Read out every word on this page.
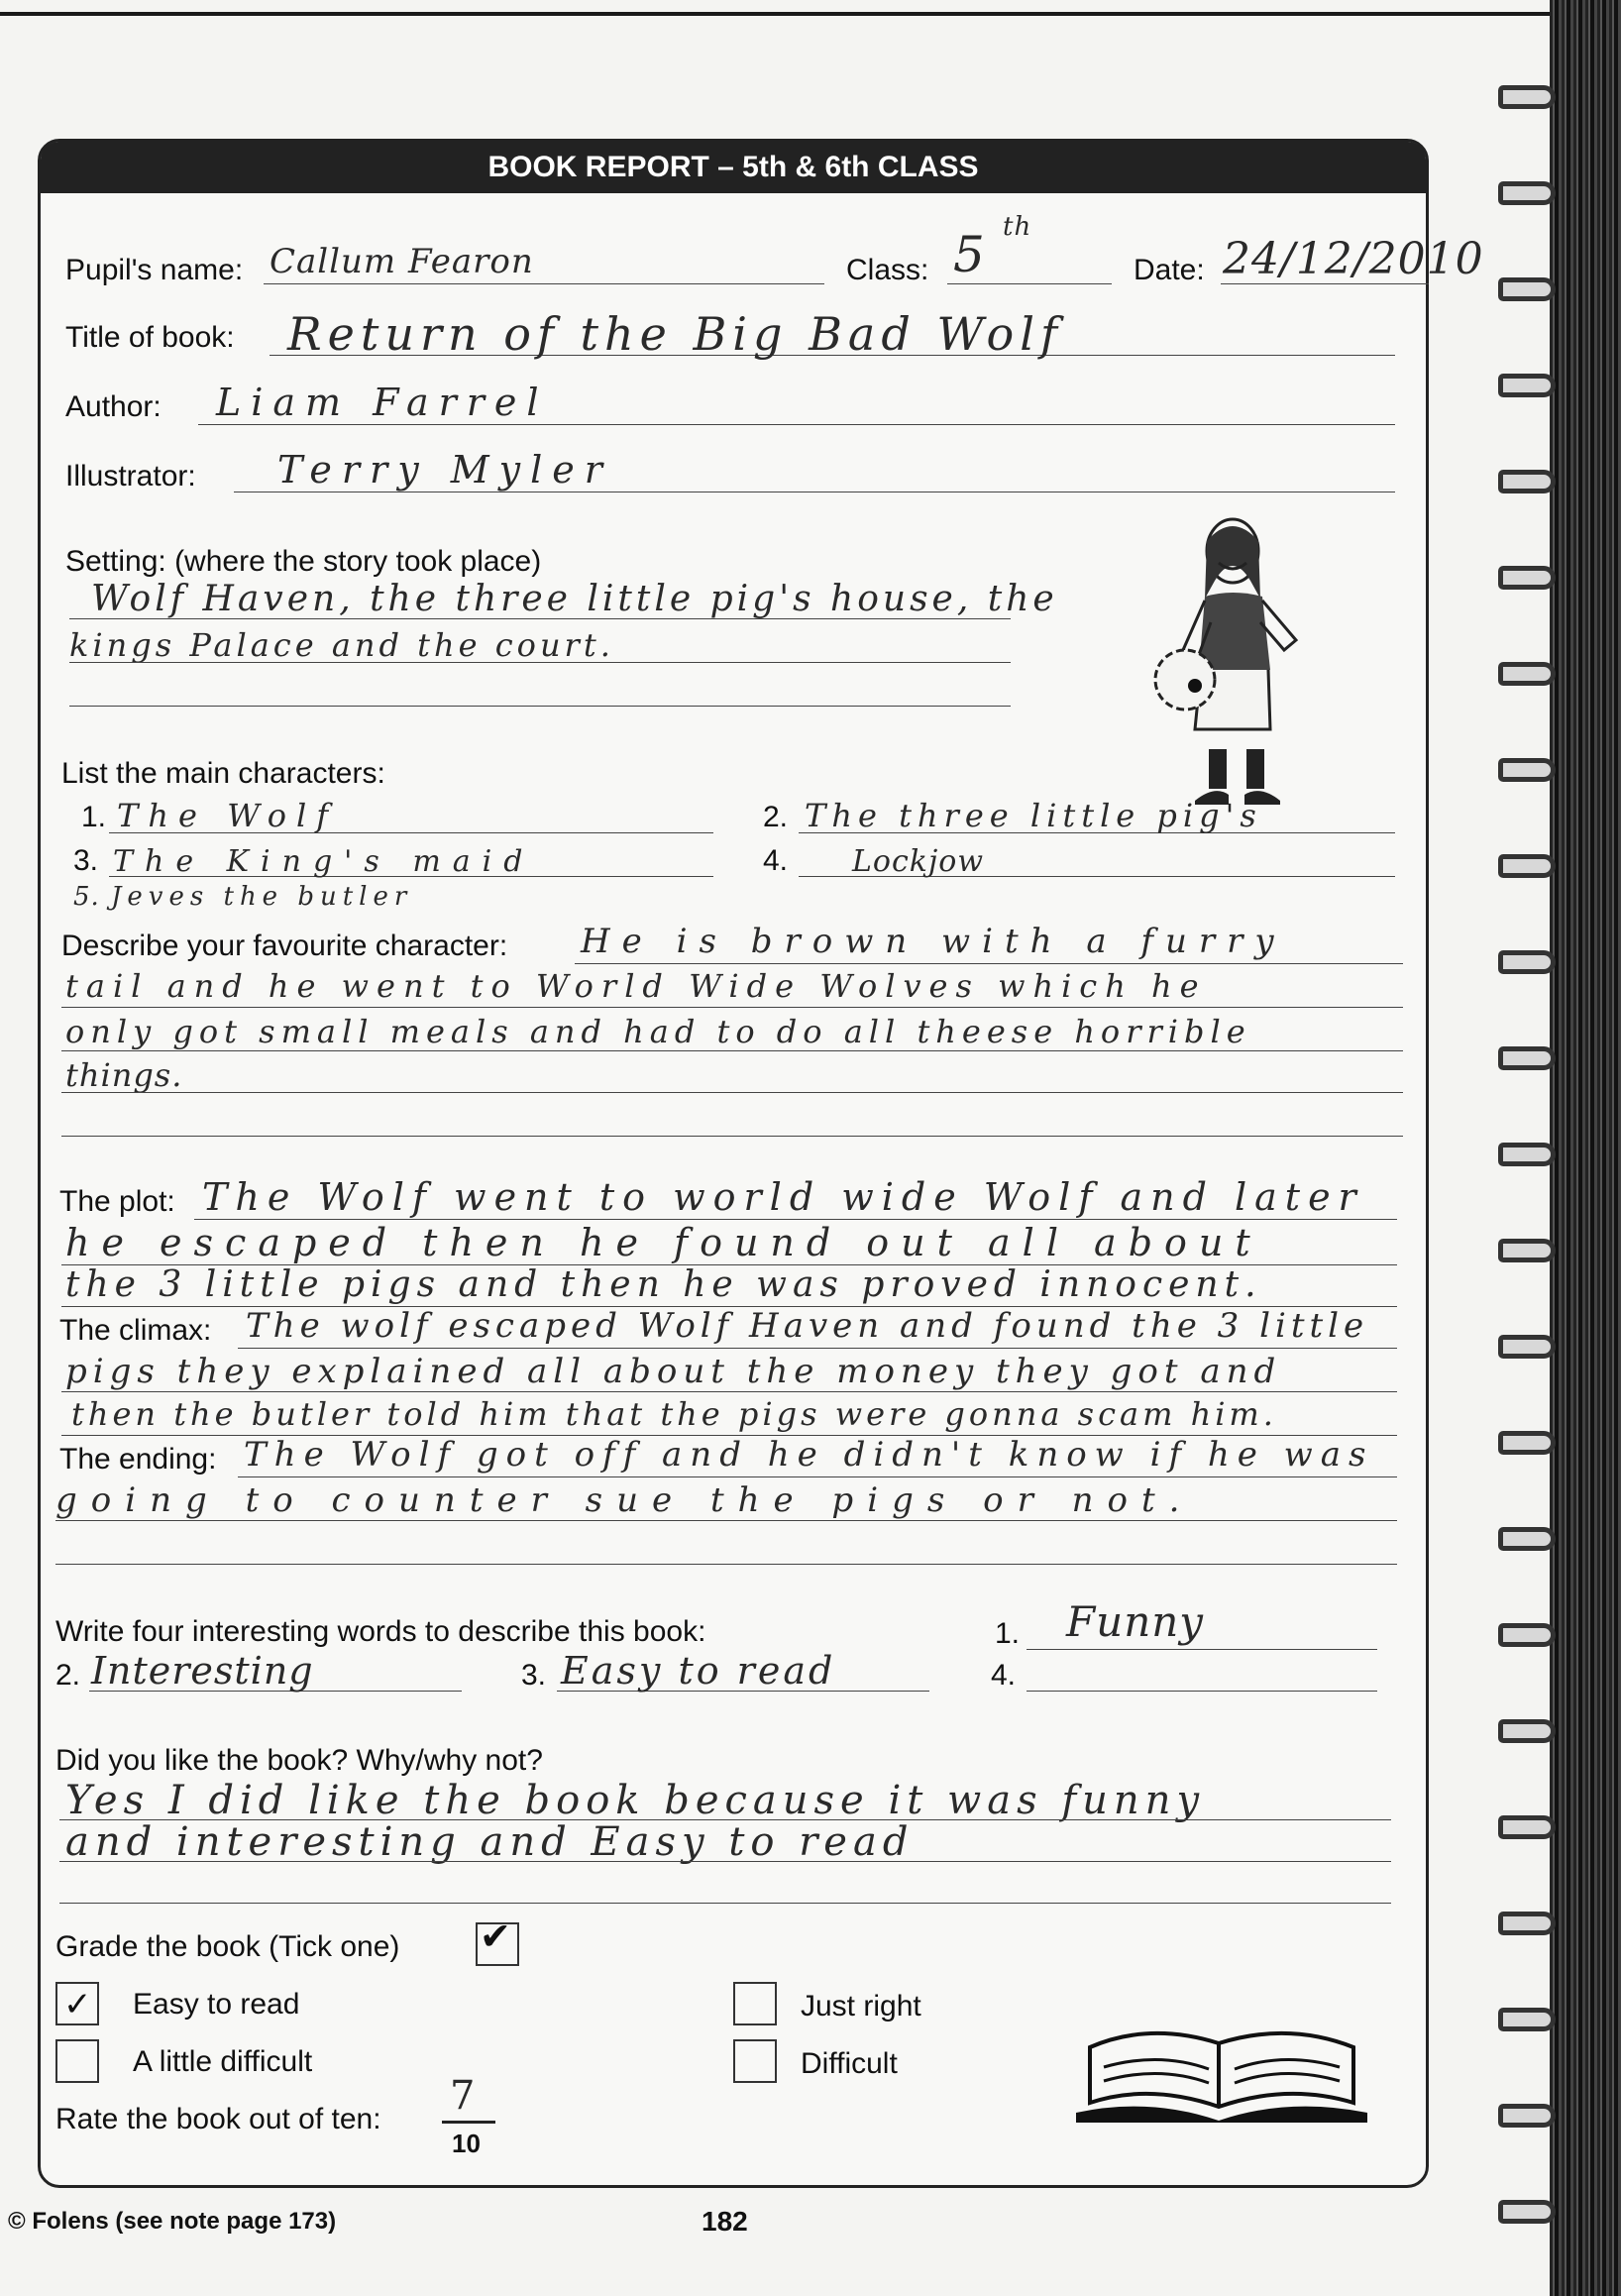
BOOK REPORT – 5th & 6th CLASS
Pupil's name: Callum Fearon	Class: 5 th
Date: 24/12/2010
Title of book: Return of the Big Bad Wolf
Author: Liam Farrel
Illustrator: Terry Myler
Setting: (where the story took place)
Wolf Haven, the three little pig's house, the
kings Palace and the court.
List the main characters:
1. The Wolf	2. The three little pig's
3. The King's maid	4. Lockjow
5. Jeves the butler
Describe your favourite character: He is brown with a furry
tail and he went to World Wide Wolves which he
only got small meals and had to do all theese horrible
things.
The plot: The Wolf went to world wide Wolf and later
he escaped then he found out all about
the 3 little pigs and then he was proved innocent.
The climax: The wolf escaped Wolf Haven and found the 3 little
pigs they explained all about the money they got and
then the butler told him that the pigs were gonna scam him.
The ending: The Wolf got off and he didn't know if he was
going to counter sue the pigs or not.
Write four interesting words to describe this book:	1. Funny
2. Interesting	3. Easy to read	4.
Did you like the book? Why/why not?
Yes I did like the book because it was funny
and interesting and Easy to read
Grade the book (Tick one) ✔
✓ Easy to read	Just right
A little difficult	Difficult
Rate the book out of ten:
7
10
© Folens (see note page 173)	182
